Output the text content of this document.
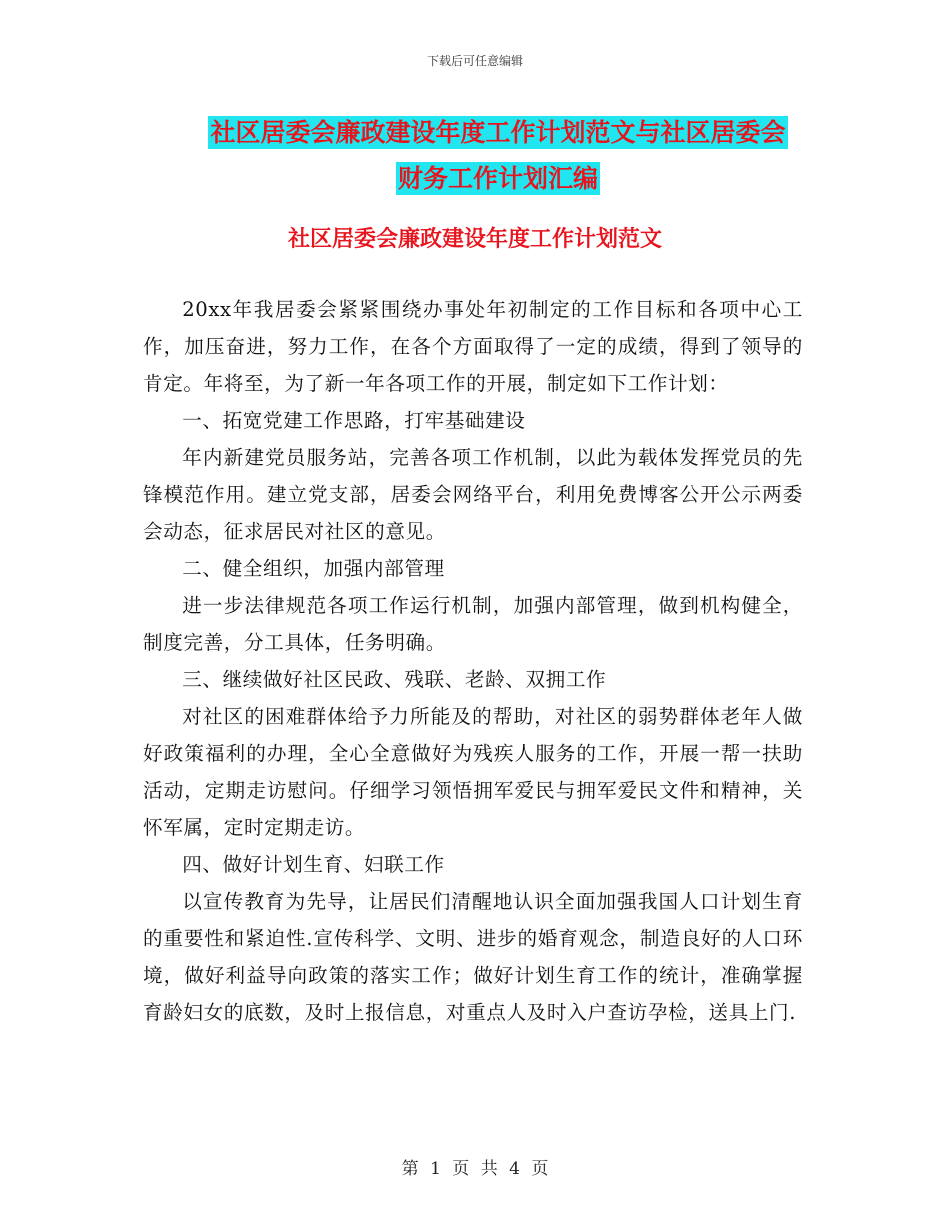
下载后可任意编辑
社区居委会廉政建设年度工作计划范文与社区居委会
财务工作计划汇编
社区居委会廉政建设年度工作计划范文

20xx年我居委会紧紧围绕办事处年初制定的工作目标和各项中心工作，加压奋进，努力工作，在各个方面取得了一定的成绩，得到了领导的肯定。年将至，为了新一年各项工作的开展，制定如下工作计划：

一、拓宽党建工作思路，打牢基础建设

年内新建党员服务站，完善各项工作机制，以此为载体发挥党员的先锋模范作用。建立党支部，居委会网络平台，利用免费博客公开公示两委会动态，征求居民对社区的意见。

二、健全组织，加强内部管理

进一步法律规范各项工作运行机制，加强内部管理，做到机构健全，制度完善，分工具体，任务明确。

三、继续做好社区民政、残联、老龄、双拥工作

对社区的困难群体给予力所能及的帮助，对社区的弱势群体老年人做好政策福利的办理，全心全意做好为残疾人服务的工作，开展一帮一扶助活动，定期走访慰问。仔细学习领悟拥军爱民与拥军爱民文件和精神，关怀军属，定时定期走访。

四、做好计划生育、妇联工作

以宣传教育为先导，让居民们清醒地认识全面加强我国人口计划生育的重要性和紧迫性.宣传科学、文明、进步的婚育观念，制造良好的人口环境，做好利益导向政策的落实工作；做好计划生育工作的统计，准确掌握育龄妇女的底数，及时上报信息，对重点人及时入户查访孕检，送具上门.

第 1 页 共 4 页
